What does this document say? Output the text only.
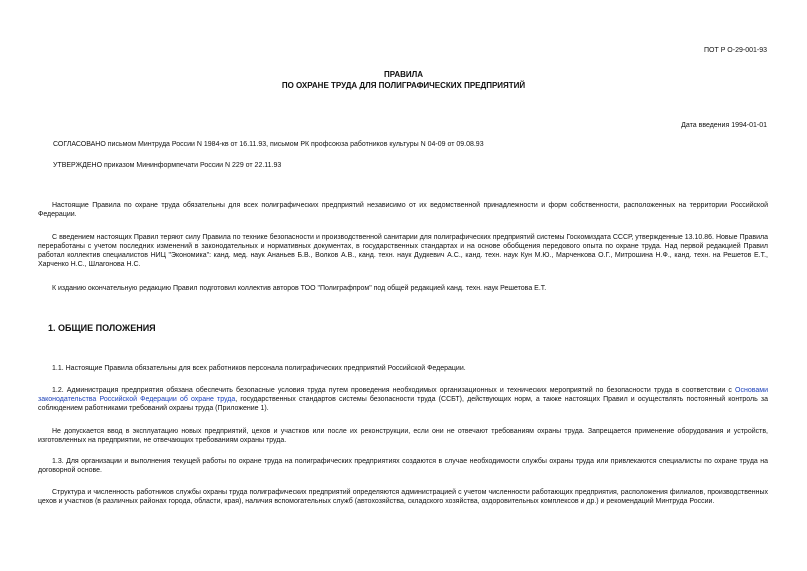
ПОТ Р О-29-001-93
ПРАВИЛА
ПО ОХРАНЕ ТРУДА ДЛЯ ПОЛИГРАФИЧЕСКИХ ПРЕДПРИЯТИЙ
Дата введения 1994-01-01
СОГЛАСОВАНО письмом Минтруда России N 1984-кв от 16.11.93, письмом РК профсоюза работников культуры N 04-09 от 09.08.93
УТВЕРЖДЕНО приказом Мининформпечати России N 229 от 22.11.93
Настоящие Правила по охране труда обязательны для всех полиграфических предприятий независимо от их ведомственной принадлежности и форм собственности, расположенных на территории Российской Федерации.
С введением настоящих Правил теряют силу Правила по технике безопасности и производственной санитарии для полиграфических предприятий системы Госкомиздата СССР, утвержденные 13.10.86. Новые Правила переработаны с учетом последних изменений в законодательных и нормативных документах, в государственных стандартах и на основе обобщения передового опыта по охране труда. Над первой редакцией Правил работал коллектив специалистов НИЦ "Экономика": канд. мед. наук Ананьев Б.В., Волков А.В., канд. техн. наук Дудкевич А.С., канд. техн. наук Кун М.Ю., Марченкова О.Г., Митрошина Н.Ф., канд. техн. на Решетов Е.Т., Харченко Н.С., Шлагонова Н.С.
К изданию окончательную редакцию Правил подготовил коллектив авторов ТОО "Полиграфпром" под общей редакцией канд. техн. наук Решетова Е.Т.
1. ОБЩИЕ ПОЛОЖЕНИЯ
1.1. Настоящие Правила обязательны для всех работников персонала полиграфических предприятий Российской Федерации.
1.2. Администрация предприятия обязана обеспечить безопасные условия труда путем проведения необходимых организационных и технических мероприятий по безопасности труда в соответствии с Основами законодательства Российской Федерации об охране труда, государственных стандартов системы безопасности труда (ССБТ), действующих норм, а также настоящих Правил и осуществлять постоянный контроль за соблюдением работниками требований охраны труда (Приложение 1).
Не допускается ввод в эксплуатацию новых предприятий, цехов и участков или после их реконструкции, если они не отвечают требованиям охраны труда. Запрещается применение оборудования и устройств, изготовленных на предприятии, не отвечающих требованиям охраны труда.
1.3. Для организации и выполнения текущей работы по охране труда на полиграфических предприятиях создаются в случае необходимости службы охраны труда или привлекаются специалисты по охране труда на договорной основе.
Структура и численность работников службы охраны труда полиграфических предприятий определяются администрацией с учетом численности работающих предприятия, расположения филиалов, производственных цехов и участков (в различных районах города, области, края), наличия вспомогательных служб (автохозяйства, складского хозяйства, оздоровительных комплексов и др.) и рекомендаций Минтруда России.
